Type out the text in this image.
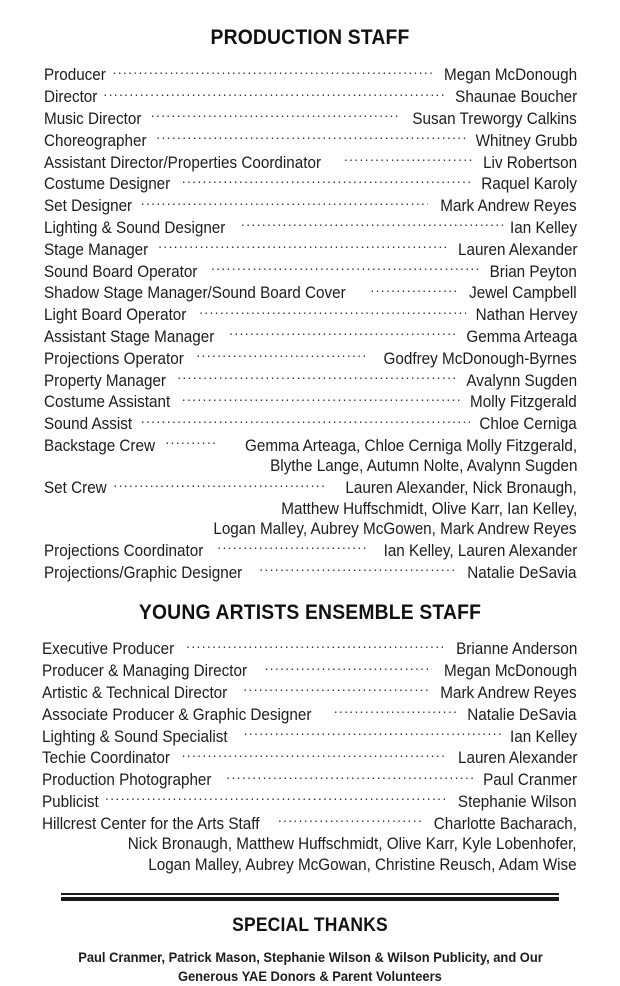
PRODUCTION STAFF
Producer .....	Megan McDonough
Director .....	Shaunae Boucher
Music Director .....	Susan Treworgy Calkins
Choreographer .....	Whitney Grubb
Assistant Director/Properties Coordinator .....	Liv Robertson
Costume Designer .....	Raquel Karoly
Set Designer .....	Mark Andrew Reyes
Lighting & Sound Designer .....	Ian Kelley
Stage Manager .....	Lauren Alexander
Sound Board Operator .....	Brian Peyton
Shadow Stage Manager/Sound Board Cover .....	Jewel Campbell
Light Board Operator .....	Nathan Hervey
Assistant Stage Manager .....	Gemma Arteaga
Projections Operator .....	Godfrey McDonough-Byrnes
Property Manager .....	Avalynn Sugden
Costume Assistant .....	Molly Fitzgerald
Sound Assist .....	Chloe Cerniga
Backstage Crew .....	Gemma Arteaga, Chloe Cerniga Molly Fitzgerald,
Blythe Lange, Autumn Nolte, Avalynn Sugden
Set Crew .....	Lauren Alexander, Nick Bronaugh,
Matthew Huffschmidt, Olive Karr, Ian Kelley,
Logan Malley, Aubrey McGowen, Mark Andrew Reyes
Projections Coordinator .....	Ian Kelley, Lauren Alexander
Projections/Graphic Designer .....	Natalie DeSavia
YOUNG ARTISTS ENSEMBLE STAFF
Executive Producer .....	Brianne Anderson
Producer & Managing Director .....	Megan McDonough
Artistic & Technical Director .....	Mark Andrew Reyes
Associate Producer & Graphic Designer .....	Natalie DeSavia
Lighting & Sound Specialist .....	Ian Kelley
Techie Coordinator .....	Lauren Alexander
Production Photographer .....	Paul Cranmer
Publicist .....	Stephanie Wilson
Hillcrest Center for the Arts Staff .....	Charlotte Bacharach,
Nick Bronaugh, Matthew Huffschmidt, Olive Karr, Kyle Lobenhofer,
Logan Malley, Aubrey McGowan, Christine Reusch, Adam Wise
SPECIAL THANKS
Paul Cranmer, Patrick Mason, Stephanie Wilson & Wilson Publicity, and Our
Generous YAE Donors & Parent Volunteers
